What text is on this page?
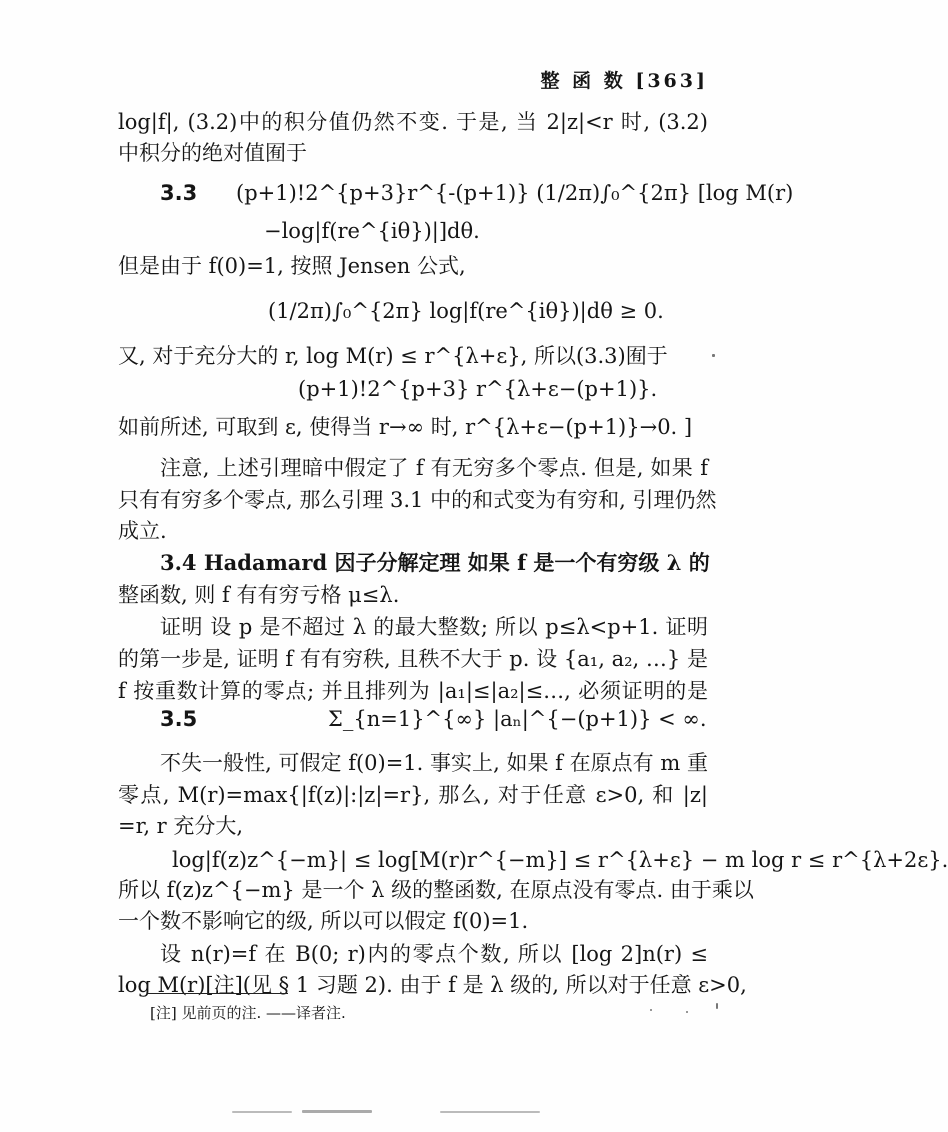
整 函 数 [363]
log|f|, (3.2)中的积分值仍然不变. 于是, 当 2|z|<r 时, (3.2)
中积分的绝对值囿于
3.3	(p+1)!2^{p+3}r^{-(p+1)} (1/2π)∫₀^{2π} [log M(r)
−log|f(re^{iθ})|]dθ.
但是由于 f(0)=1, 按照 Jensen 公式,
(1/2π)∫₀^{2π} log|f(re^{iθ})|dθ ≥ 0.
又, 对于充分大的 r, log M(r) ≤ r^{λ+ε}, 所以(3.3)囿于
(p+1)!2^{p+3} r^{λ+ε−(p+1)}.
如前所述, 可取到 ε, 使得当 r→∞ 时, r^{λ+ε−(p+1)}→0. ]
注意, 上述引理暗中假定了 f 有无穷多个零点. 但是, 如果 f
只有有穷多个零点, 那么引理 3.1 中的和式变为有穷和, 引理仍然
成立.
3.4 Hadamard 因子分解定理 如果 f 是一个有穷级 λ 的
整函数, 则 f 有有穷亏格 μ≤λ.
证明 设 p 是不超过 λ 的最大整数; 所以 p≤λ<p+1. 证明
的第一步是, 证明 f 有有穷秩, 且秩不大于 p. 设 {a₁, a₂, …} 是
f 按重数计算的零点; 并且排列为 |a₁|≤|a₂|≤…, 必须证明的是
3.5	Σ_{n=1}^{∞} |aₙ|^{−(p+1)} < ∞.
不失一般性, 可假定 f(0)=1. 事实上, 如果 f 在原点有 m 重
零点, M(r)=max{|f(z)|:|z|=r}, 那么, 对于任意 ε>0, 和 |z|
=r, r 充分大,
log|f(z)z^{−m}| ≤ log[M(r)r^{−m}] ≤ r^{λ+ε} − m log r ≤ r^{λ+2ε}.
所以 f(z)z^{−m} 是一个 λ 级的整函数, 在原点没有零点. 由于乘以
一个数不影响它的级, 所以可以假定 f(0)=1.
设 n(r)=f 在 B(0; r)内的零点个数, 所以 [log 2]n(r) ≤
log M(r)[注](见 § 1 习题 2). 由于 f 是 λ 级的, 所以对于任意 ε>0,
[注] 见前页的注. ——译者注.
